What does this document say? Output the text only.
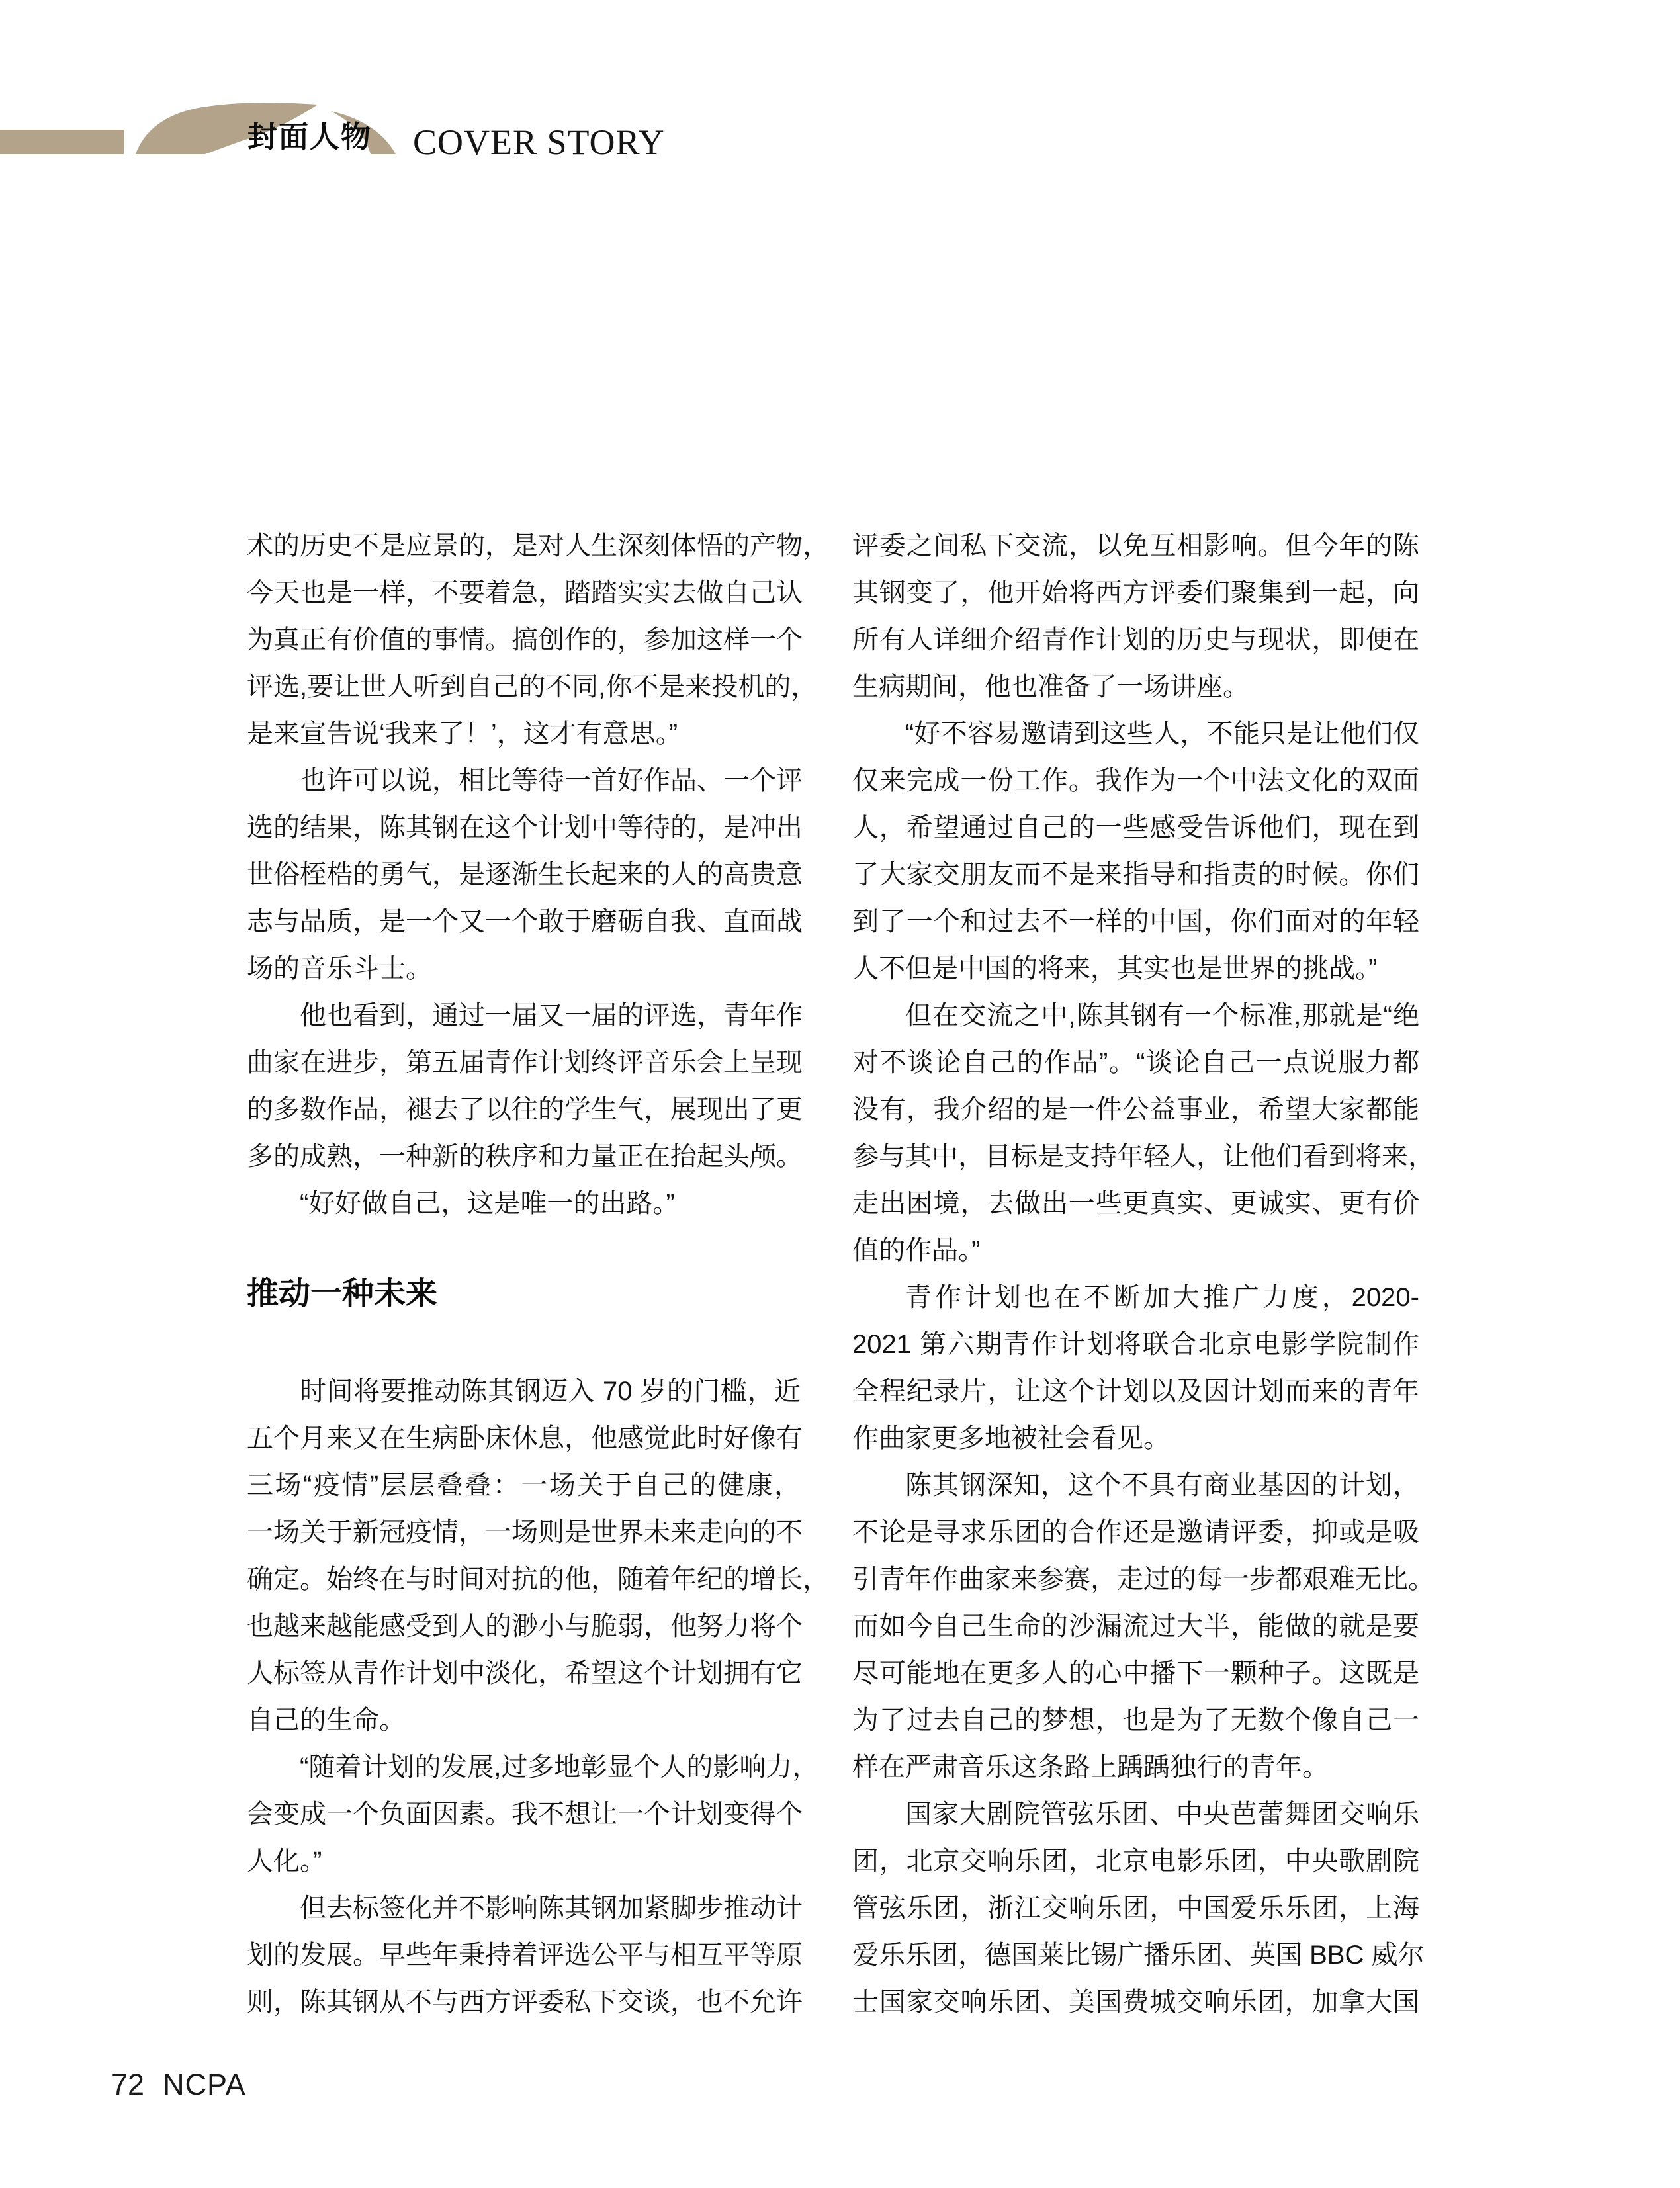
封面人物 COVER STORY
术的历史不是应景的，是对人生深刻体悟的产物，
今天也是一样，不要着急，踏踏实实去做自己认
为真正有价值的事情。搞创作的，参加这样一个
评选,要让世人听到自己的不同,你不是来投机的，
是来宣告说‘我来了！’，这才有意思。”
也许可以说，相比等待一首好作品、一个评
选的结果，陈其钢在这个计划中等待的，是冲出
世俗桎梏的勇气，是逐渐生长起来的人的高贵意
志与品质，是一个又一个敢于磨砺自我、直面战
场的音乐斗士。
他也看到，通过一届又一届的评选，青年作
曲家在进步，第五届青作计划终评音乐会上呈现
的多数作品，褪去了以往的学生气，展现出了更
多的成熟，一种新的秩序和力量正在抬起头颅。
“好好做自己，这是唯一的出路。”
推动一种未来
时间将要推动陈其钢迈入 70 岁的门槛，近
五个月来又在生病卧床休息，他感觉此时好像有
三场“疫情”层层叠叠：一场关于自己的健康，
一场关于新冠疫情，一场则是世界未来走向的不
确定。始终在与时间对抗的他，随着年纪的增长，
也越来越能感受到人的渺小与脆弱，他努力将个
人标签从青作计划中淡化，希望这个计划拥有它
自己的生命。
“随着计划的发展,过多地彰显个人的影响力，
会变成一个负面因素。我不想让一个计划变得个
人化。”
但去标签化并不影响陈其钢加紧脚步推动计
划的发展。早些年秉持着评选公平与相互平等原
则，陈其钢从不与西方评委私下交谈，也不允许
评委之间私下交流，以免互相影响。但今年的陈
其钢变了，他开始将西方评委们聚集到一起，向
所有人详细介绍青作计划的历史与现状，即便在
生病期间，他也准备了一场讲座。
“好不容易邀请到这些人，不能只是让他们仅
仅来完成一份工作。我作为一个中法文化的双面
人，希望通过自己的一些感受告诉他们，现在到
了大家交朋友而不是来指导和指责的时候。你们
到了一个和过去不一样的中国，你们面对的年轻
人不但是中国的将来，其实也是世界的挑战。”
但在交流之中,陈其钢有一个标准,那就是“绝
对不谈论自己的作品”。“谈论自己一点说服力都
没有，我介绍的是一件公益事业，希望大家都能
参与其中，目标是支持年轻人，让他们看到将来，
走出困境，去做出一些更真实、更诚实、更有价
值的作品。”
青作计划也在不断加大推广力度，2020-
2021 第六期青作计划将联合北京电影学院制作
全程纪录片，让这个计划以及因计划而来的青年
作曲家更多地被社会看见。
陈其钢深知，这个不具有商业基因的计划，
不论是寻求乐团的合作还是邀请评委，抑或是吸
引青年作曲家来参赛，走过的每一步都艰难无比。
而如今自己生命的沙漏流过大半，能做的就是要
尽可能地在更多人的心中播下一颗种子。这既是
为了过去自己的梦想，也是为了无数个像自己一
样在严肃音乐这条路上踽踽独行的青年。
国家大剧院管弦乐团、中央芭蕾舞团交响乐
团，北京交响乐团，北京电影乐团，中央歌剧院
管弦乐团，浙江交响乐团，中国爱乐乐团，上海
爱乐乐团，德国莱比锡广播乐团、英国 BBC 威尔
士国家交响乐团、美国费城交响乐团，加拿大国
72 NCPA
